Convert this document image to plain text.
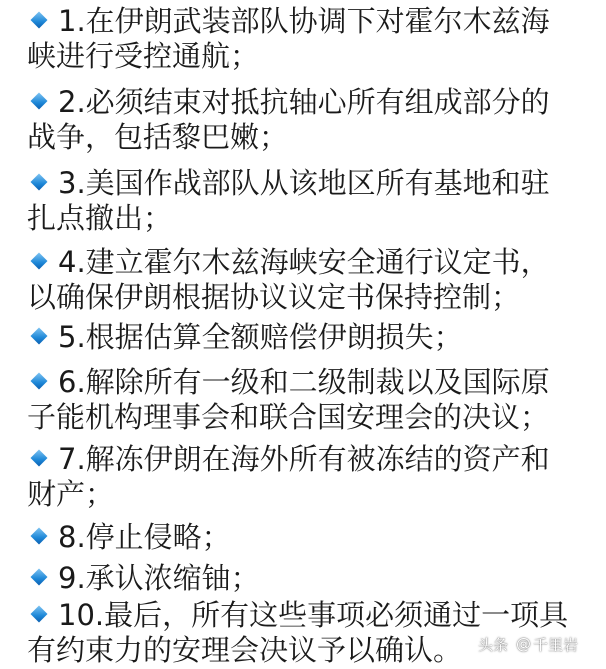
1.在伊朗武装部队协调下对霍尔木兹海
峡进行受控通航；
2.必须结束对抵抗轴心所有组成部分的
战争，包括黎巴嫩；
3.美国作战部队从该地区所有基地和驻
扎点撤出；
4.建立霍尔木兹海峡安全通行议定书，
以确保伊朗根据协议议定书保持控制；
5.根据估算全额赔偿伊朗损失；
6.解除所有一级和二级制裁以及国际原
子能机构理事会和联合国安理会的决议；
7.解冻伊朗在海外所有被冻结的资产和
财产；
8.停止侵略；
9.承认浓缩铀；
10.最后，所有这些事项必须通过一项具
有约束力的安理会决议予以确认。	头条 @ 千里岩
